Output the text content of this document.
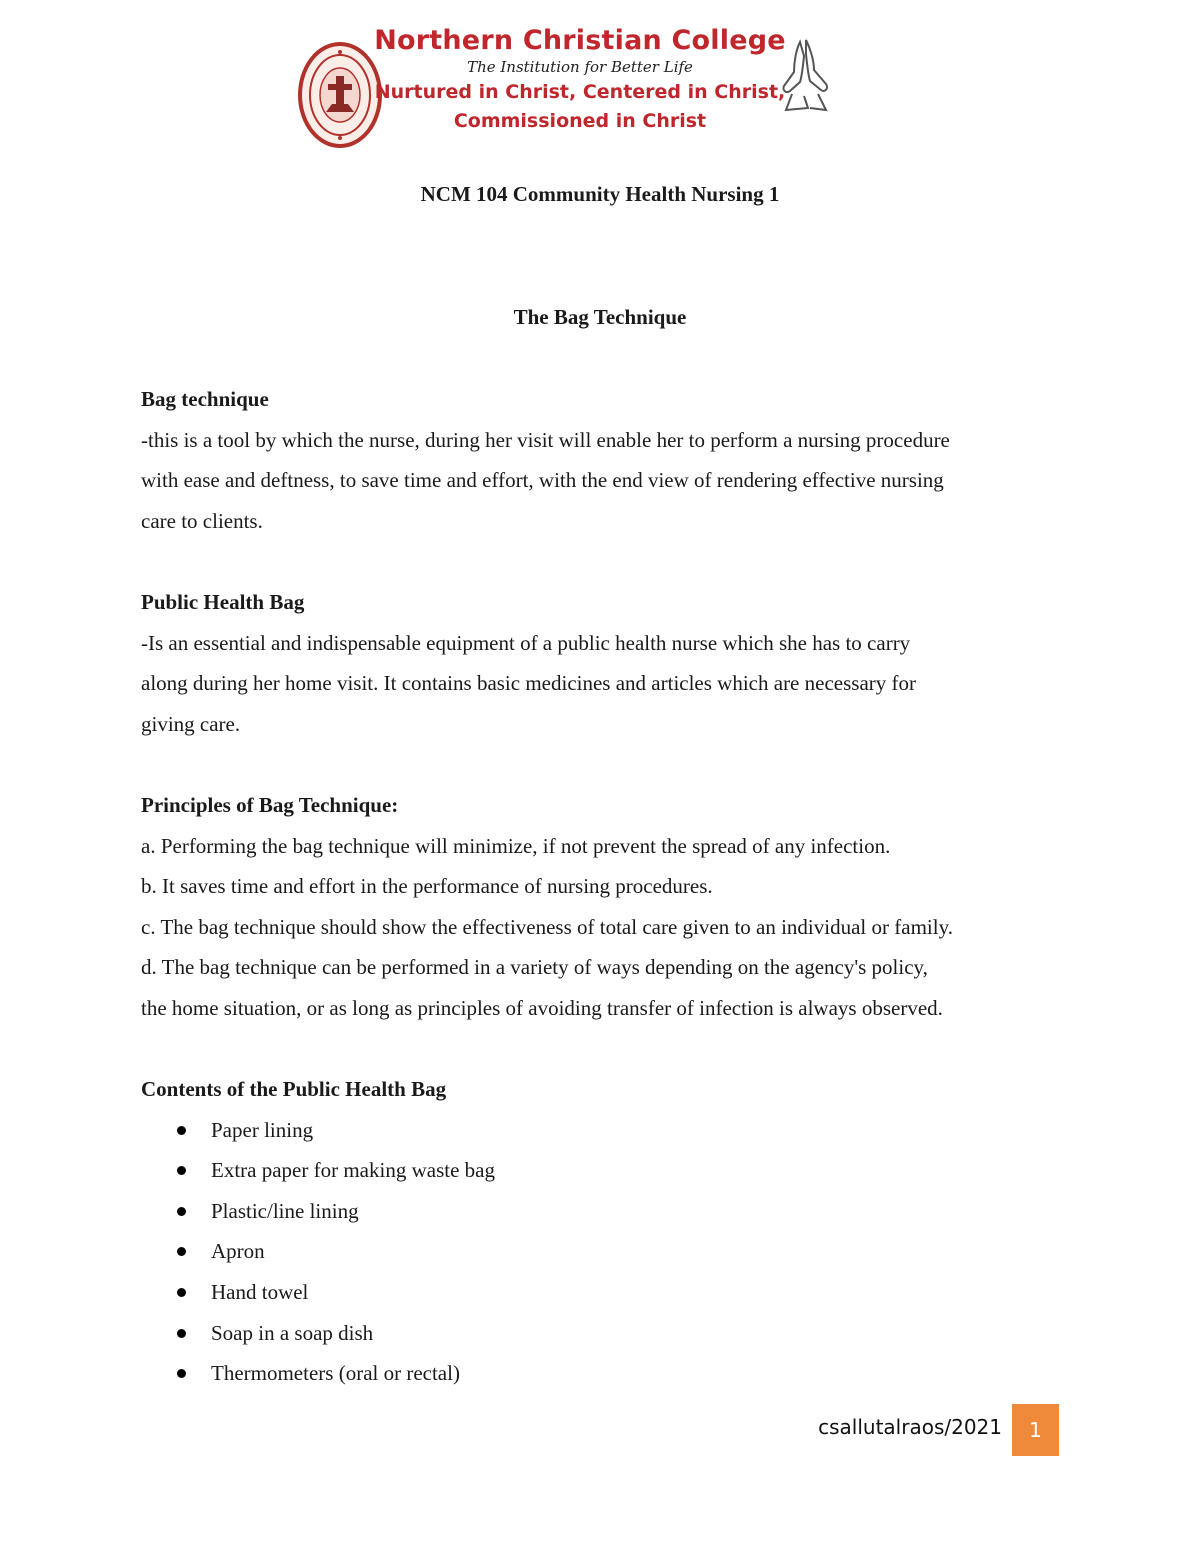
Northern Christian College
The Institution for Better Life
Nurtured in Christ, Centered in Christ,
Commissioned in Christ
NCM 104 Community Health Nursing 1
The Bag Technique
Bag technique
-this is a tool by which the nurse, during her visit will enable her to perform a nursing procedure
with ease and deftness, to save time and effort, with the end view of rendering effective nursing
care to clients.
Public Health Bag
-Is an essential and indispensable equipment of a public health nurse which she has to carry
along during her home visit. It contains basic medicines and articles which are necessary for
giving care.
Principles of Bag Technique:
a. Performing the bag technique will minimize, if not prevent the spread of any infection.
b. It saves time and effort in the performance of nursing procedures.
c. The bag technique should show the effectiveness of total care given to an individual or family.
d. The bag technique can be performed in a variety of ways depending on the agency's policy,
the home situation, or as long as principles of avoiding transfer of infection is always observed.
Contents of the Public Health Bag
Paper lining
Extra paper for making waste bag
Plastic/line lining
Apron
Hand towel
Soap in a soap dish
Thermometers (oral or rectal)
csallutalraos/2021	1
